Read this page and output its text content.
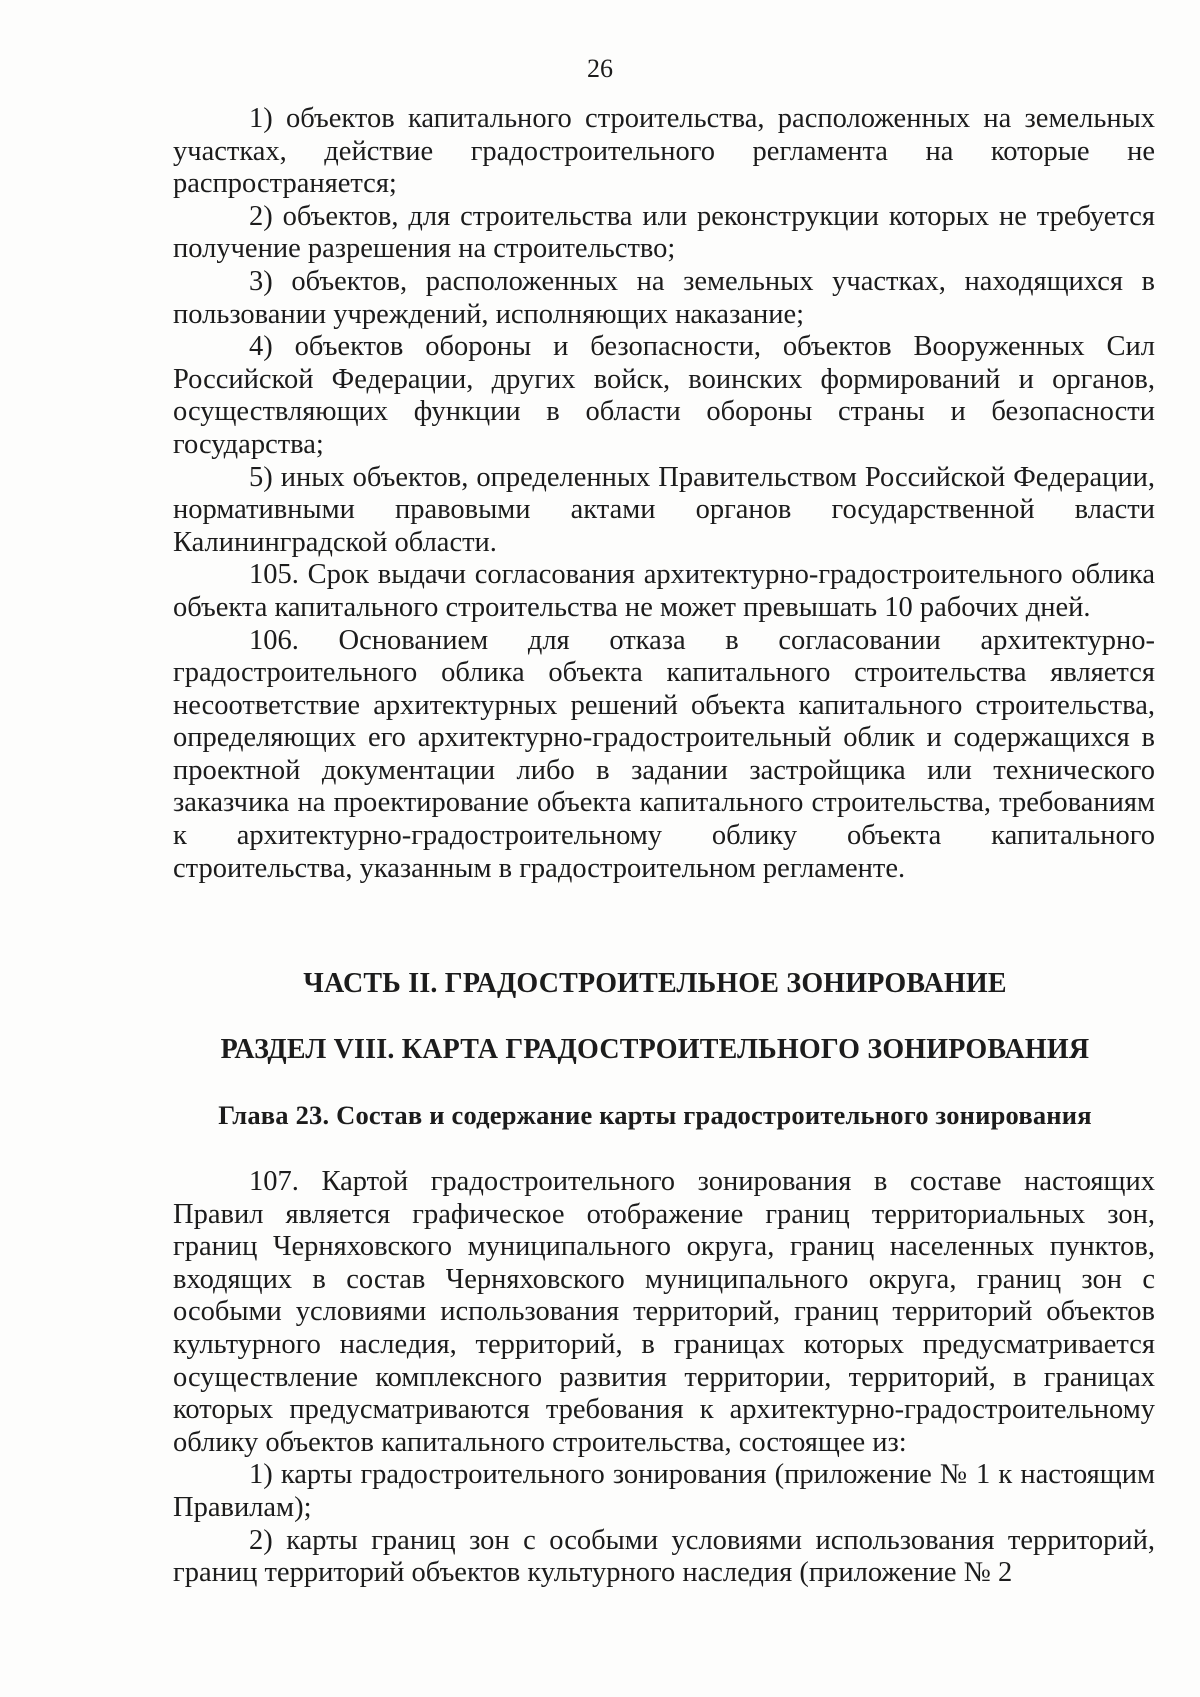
26

1) объектов капитального строительства, расположенных на земельных участках, действие градостроительного регламента на которые не распространяется;

2) объектов, для строительства или реконструкции которых не требуется получение разрешения на строительство;

3) объектов, расположенных на земельных участках, находящихся в пользовании учреждений, исполняющих наказание;

4) объектов обороны и безопасности, объектов Вооруженных Сил Российской Федерации, других войск, воинских формирований и органов, осуществляющих функции в области обороны страны и безопасности государства;

5) иных объектов, определенных Правительством Российской Федерации, нормативными правовыми актами органов государственной власти Калининградской области.

105. Срок выдачи согласования архитектурно-градостроительного облика объекта капитального строительства не может превышать 10 рабочих дней.

106. Основанием для отказа в согласовании архитектурно-градостроительного облика объекта капитального строительства является несоответствие архитектурных решений объекта капитального строительства, определяющих его архитектурно-градостроительный облик и содержащихся в проектной документации либо в задании застройщика или технического заказчика на проектирование объекта капитального строительства, требованиям к архитектурно-градостроительному облику объекта капитального строительства, указанным в градостроительном регламенте.

ЧАСТЬ II. ГРАДОСТРОИТЕЛЬНОЕ ЗОНИРОВАНИЕ
РАЗДЕЛ VIII. КАРТА ГРАДОСТРОИТЕЛЬНОГО ЗОНИРОВАНИЯ
Глава 23. Состав и содержание карты градостроительного зонирования

107. Картой градостроительного зонирования в составе настоящих Правил является графическое отображение границ территориальных зон, границ Черняховского муниципального округа, границ населенных пунктов, входящих в состав Черняховского муниципального округа, границ зон с особыми условиями использования территорий, границ территорий объектов культурного наследия, территорий, в границах которых предусматривается осуществление комплексного развития территории, территорий, в границах которых предусматриваются требования к архитектурно-градостроительному облику объектов капитального строительства, состоящее из:

1) карты градостроительного зонирования (приложение № 1 к настоящим Правилам);

2) карты границ зон с особыми условиями использования территорий, границ территорий объектов культурного наследия (приложение № 2
